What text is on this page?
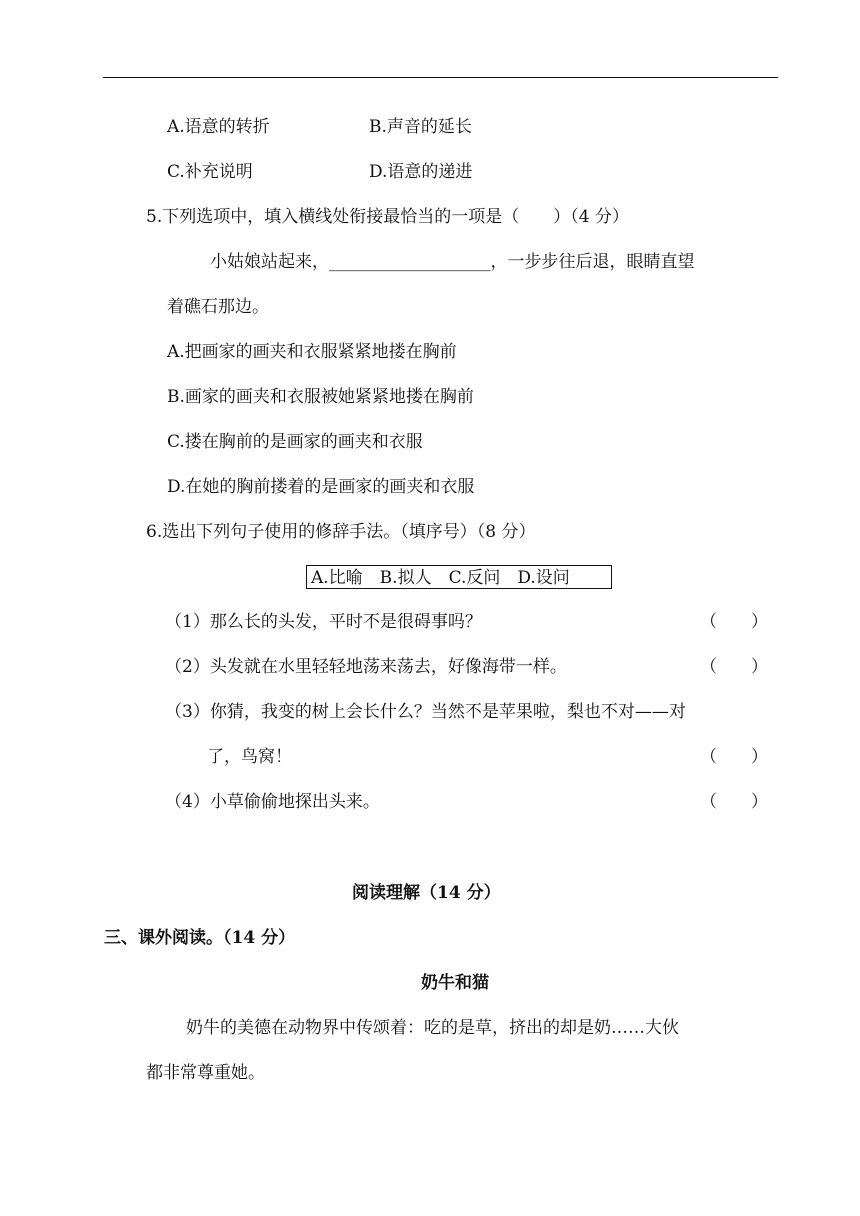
A.语意的转折	B.声音的延长
C.补充说明	D.语意的递进
5.下列选项中，填入横线处衔接最恰当的一项是（　　）（4 分）
小姑娘站起来，___________________，一步步往后退，眼睛直望
着礁石那边。
A.把画家的画夹和衣服紧紧地搂在胸前
B.画家的画夹和衣服被她紧紧地搂在胸前
C.搂在胸前的是画家的画夹和衣服
D.在她的胸前搂着的是画家的画夹和衣服
6.选出下列句子使用的修辞手法。（填序号）（8 分）
A.比喻　B.拟人　C.反问　D.设问
（1）那么长的头发，平时不是很碍事吗？	（　　）
（2）头发就在水里轻轻地荡来荡去，好像海带一样。	（　　）
（3）你猜，我变的树上会长什么？当然不是苹果啦，梨也不对——对
了，鸟窝！	（　　）
（4）小草偷偷地探出头来。	（　　）
阅读理解（14 分）
三、课外阅读。（14 分）
奶牛和猫
奶牛的美德在动物界中传颂着：吃的是草，挤出的却是奶……大伙
都非常尊重她。
